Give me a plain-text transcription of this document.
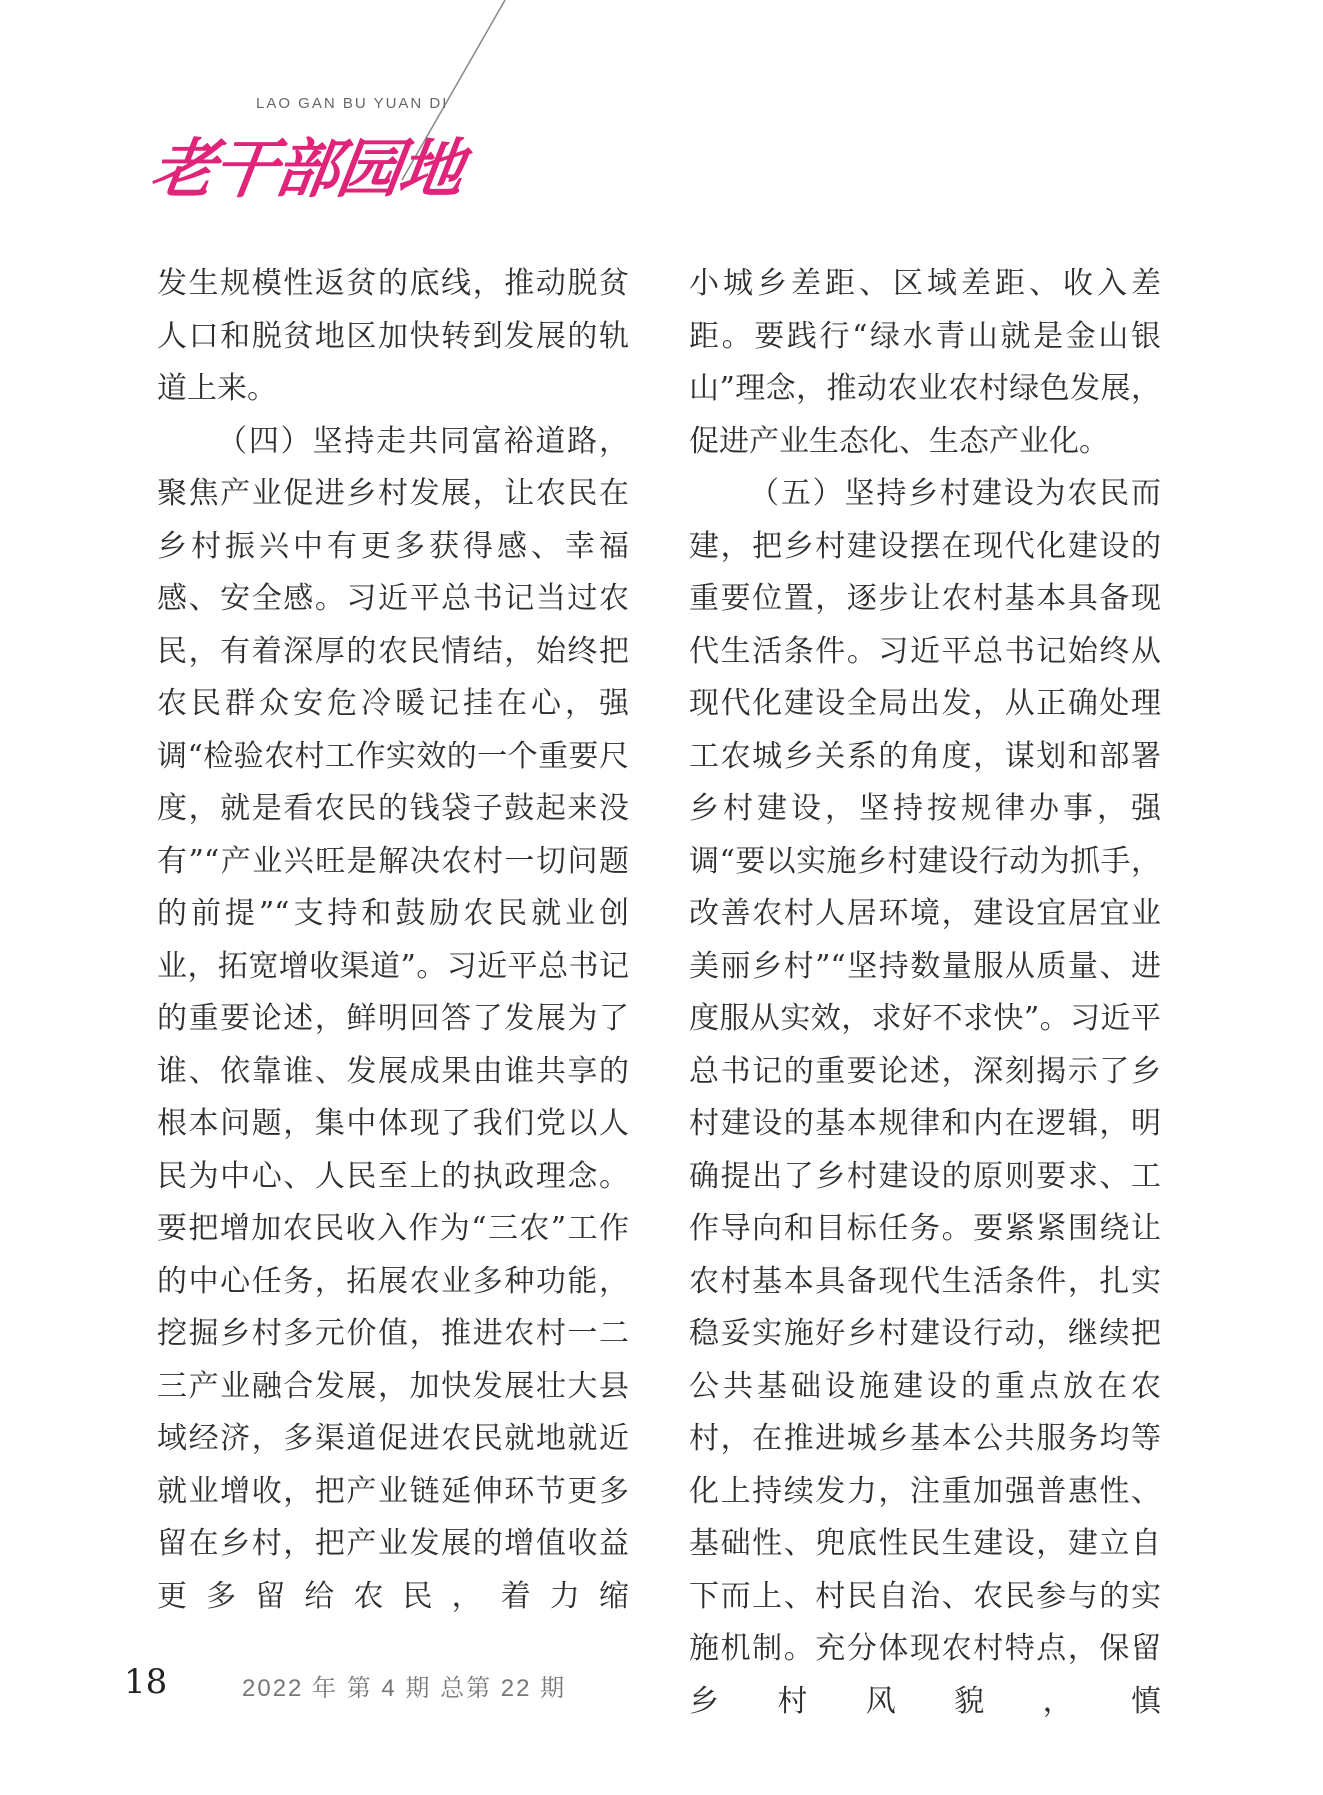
LAO GAN BU YUAN DI
老干部园地

发生规模性返贫的底线，推动脱贫人口和脱贫地区加快转到发展的轨道上来。

（四）坚持走共同富裕道路，聚焦产业促进乡村发展，让农民在乡村振兴中有更多获得感、幸福感、安全感。习近平总书记当过农民，有着深厚的农民情结，始终把农民群众安危冷暖记挂在心，强调“检验农村工作实效的一个重要尺度，就是看农民的钱袋子鼓起来没有”“产业兴旺是解决农村一切问题的前提”“支持和鼓励农民就业创业，拓宽增收渠道”。习近平总书记的重要论述，鲜明回答了发展为了谁、依靠谁、发展成果由谁共享的根本问题，集中体现了我们党以人民为中心、人民至上的执政理念。要把增加农民收入作为“三农”工作的中心任务，拓展农业多种功能，挖掘乡村多元价值，推进农村一二三产业融合发展，加快发展壮大县域经济，多渠道促进农民就地就近就业增收，把产业链延伸环节更多留在乡村，把产业发展的增值收益更多留给农民，着力缩

小城乡差距、区域差距、收入差距。要践行“绿水青山就是金山银山”理念，推动农业农村绿色发展，促进产业生态化、生态产业化。

（五）坚持乡村建设为农民而建，把乡村建设摆在现代化建设的重要位置，逐步让农村基本具备现代生活条件。习近平总书记始终从现代化建设全局出发，从正确处理工农城乡关系的角度，谋划和部署乡村建设，坚持按规律办事，强调“要以实施乡村建设行动为抓手，改善农村人居环境，建设宜居宜业美丽乡村”“坚持数量服从质量、进度服从实效，求好不求快”。习近平总书记的重要论述，深刻揭示了乡村建设的基本规律和内在逻辑，明确提出了乡村建设的原则要求、工作导向和目标任务。要紧紧围绕让农村基本具备现代生活条件，扎实稳妥实施好乡村建设行动，继续把公共基础设施建设的重点放在农村，在推进城乡基本公共服务均等化上持续发力，注重加强普惠性、基础性、兜底性民生建设，建立自下而上、村民自治、农民参与的实施机制。充分体现农村特点，保留乡村风貌，慎

18	2022 年 第 4 期 总第 22 期
